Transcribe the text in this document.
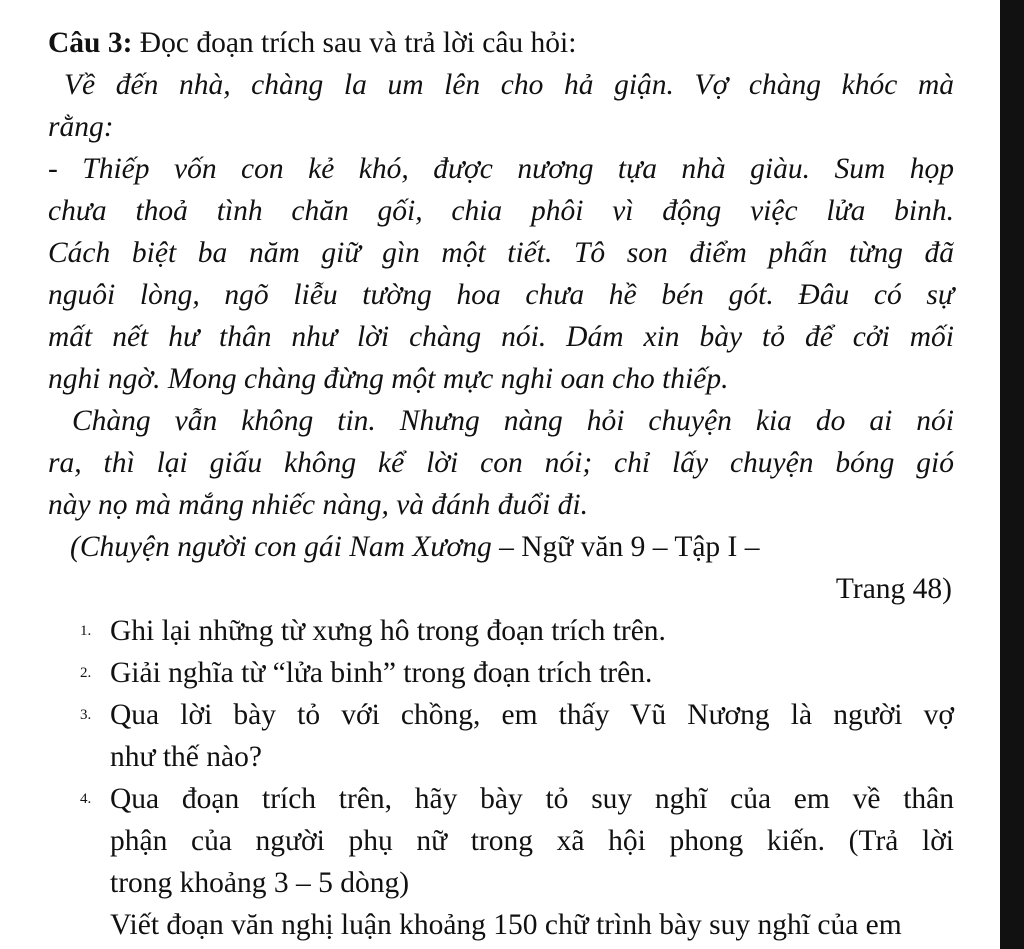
Câu 3: Đọc đoạn trích sau và trả lời câu hỏi:
Về đến nhà, chàng la um lên cho hả giận. Vợ chàng khóc mà
rằng:
- Thiếp vốn con kẻ khó, được nương tựa nhà giàu. Sum họp
chưa thoả tình chăn gối, chia phôi vì động việc lửa binh.
Cách biệt ba năm giữ gìn một tiết. Tô son điểm phấn từng đã
nguôi lòng, ngõ liễu tường hoa chưa hề bén gót. Đâu có sự
mất nết hư thân như lời chàng nói. Dám xin bày tỏ để cởi mối
nghi ngờ. Mong chàng đừng một mực nghi oan cho thiếp.
Chàng vẫn không tin. Nhưng nàng hỏi chuyện kia do ai nói
ra, thì lại giấu không kể lời con nói; chỉ lấy chuyện bóng gió
này nọ mà mắng nhiếc nàng, và đánh đuổi đi.
(Chuyện người con gái Nam Xương – Ngữ văn 9 – Tập I –
Trang 48)
1. Ghi lại những từ xưng hô trong đoạn trích trên.
2. Giải nghĩa từ “lửa binh” trong đoạn trích trên.
3. Qua lời bày tỏ với chồng, em thấy Vũ Nương là người vợ
như thế nào?
4. Qua đoạn trích trên, hãy bày tỏ suy nghĩ của em về thân
phận của người phụ nữ trong xã hội phong kiến. (Trả lời
trong khoảng 3 – 5 dòng)
Viết đoạn văn nghị luận khoảng 150 chữ trình bày suy nghĩ của em
